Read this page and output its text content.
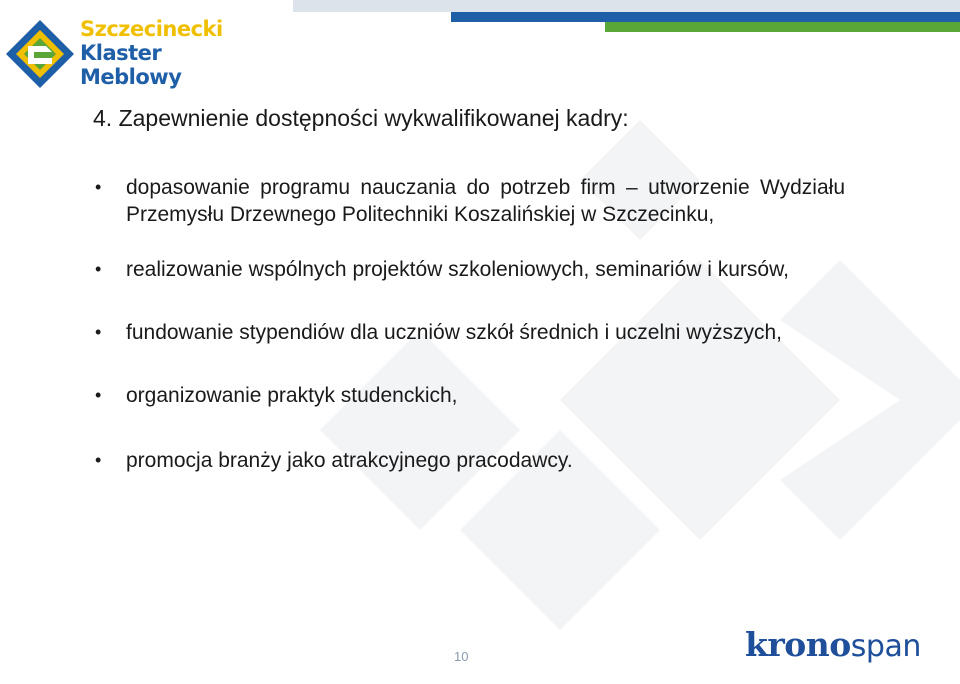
Szczecinecki
Klaster
Meblowy
4. Zapewnienie dostępności wykwalifikowanej kadry:
• dopasowanie programu nauczania do potrzeb firm – utworzenie Wydziału Przemysłu Drzewnego Politechniki Koszalińskiej w Szczecinku,
• realizowanie wspólnych projektów szkoleniowych, seminariów i kursów,
• fundowanie stypendiów dla uczniów szkół średnich i uczelni wyższych,
• organizowanie praktyk studenckich,
• promocja branży jako atrakcyjnego pracodawcy.
10	kronospan
